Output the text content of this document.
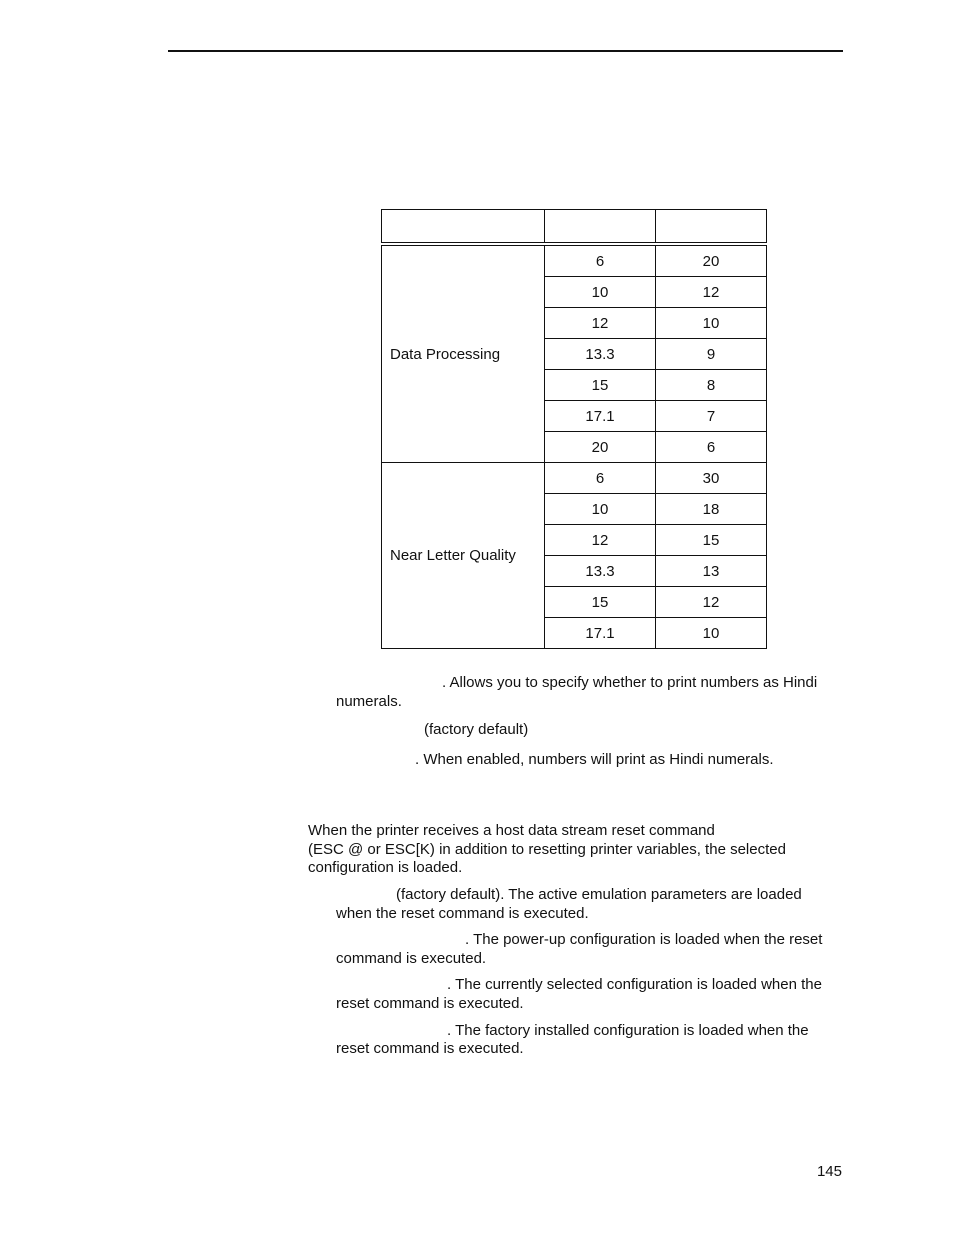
Data Processing	6	20
	10	12
	12	10
	13.3	9
	15	8
	17.1	7
	20	6
Near Letter Quality	6	30
	10	18
	12	15
	13.3	13
	15	12
	17.1	10
. Allows you to specify whether to print numbers as Hindi
numerals.
(factory default)
. When enabled, numbers will print as Hindi numerals.
When the printer receives a host data stream reset command
(ESC @ or ESC[K) in addition to resetting printer variables, the selected
configuration is loaded.
(factory default). The active emulation parameters are loaded
when the reset command is executed.
. The power-up configuration is loaded when the reset
command is executed.
. The currently selected configuration is loaded when the
reset command is executed.
. The factory installed configuration is loaded when the
reset command is executed.
145
